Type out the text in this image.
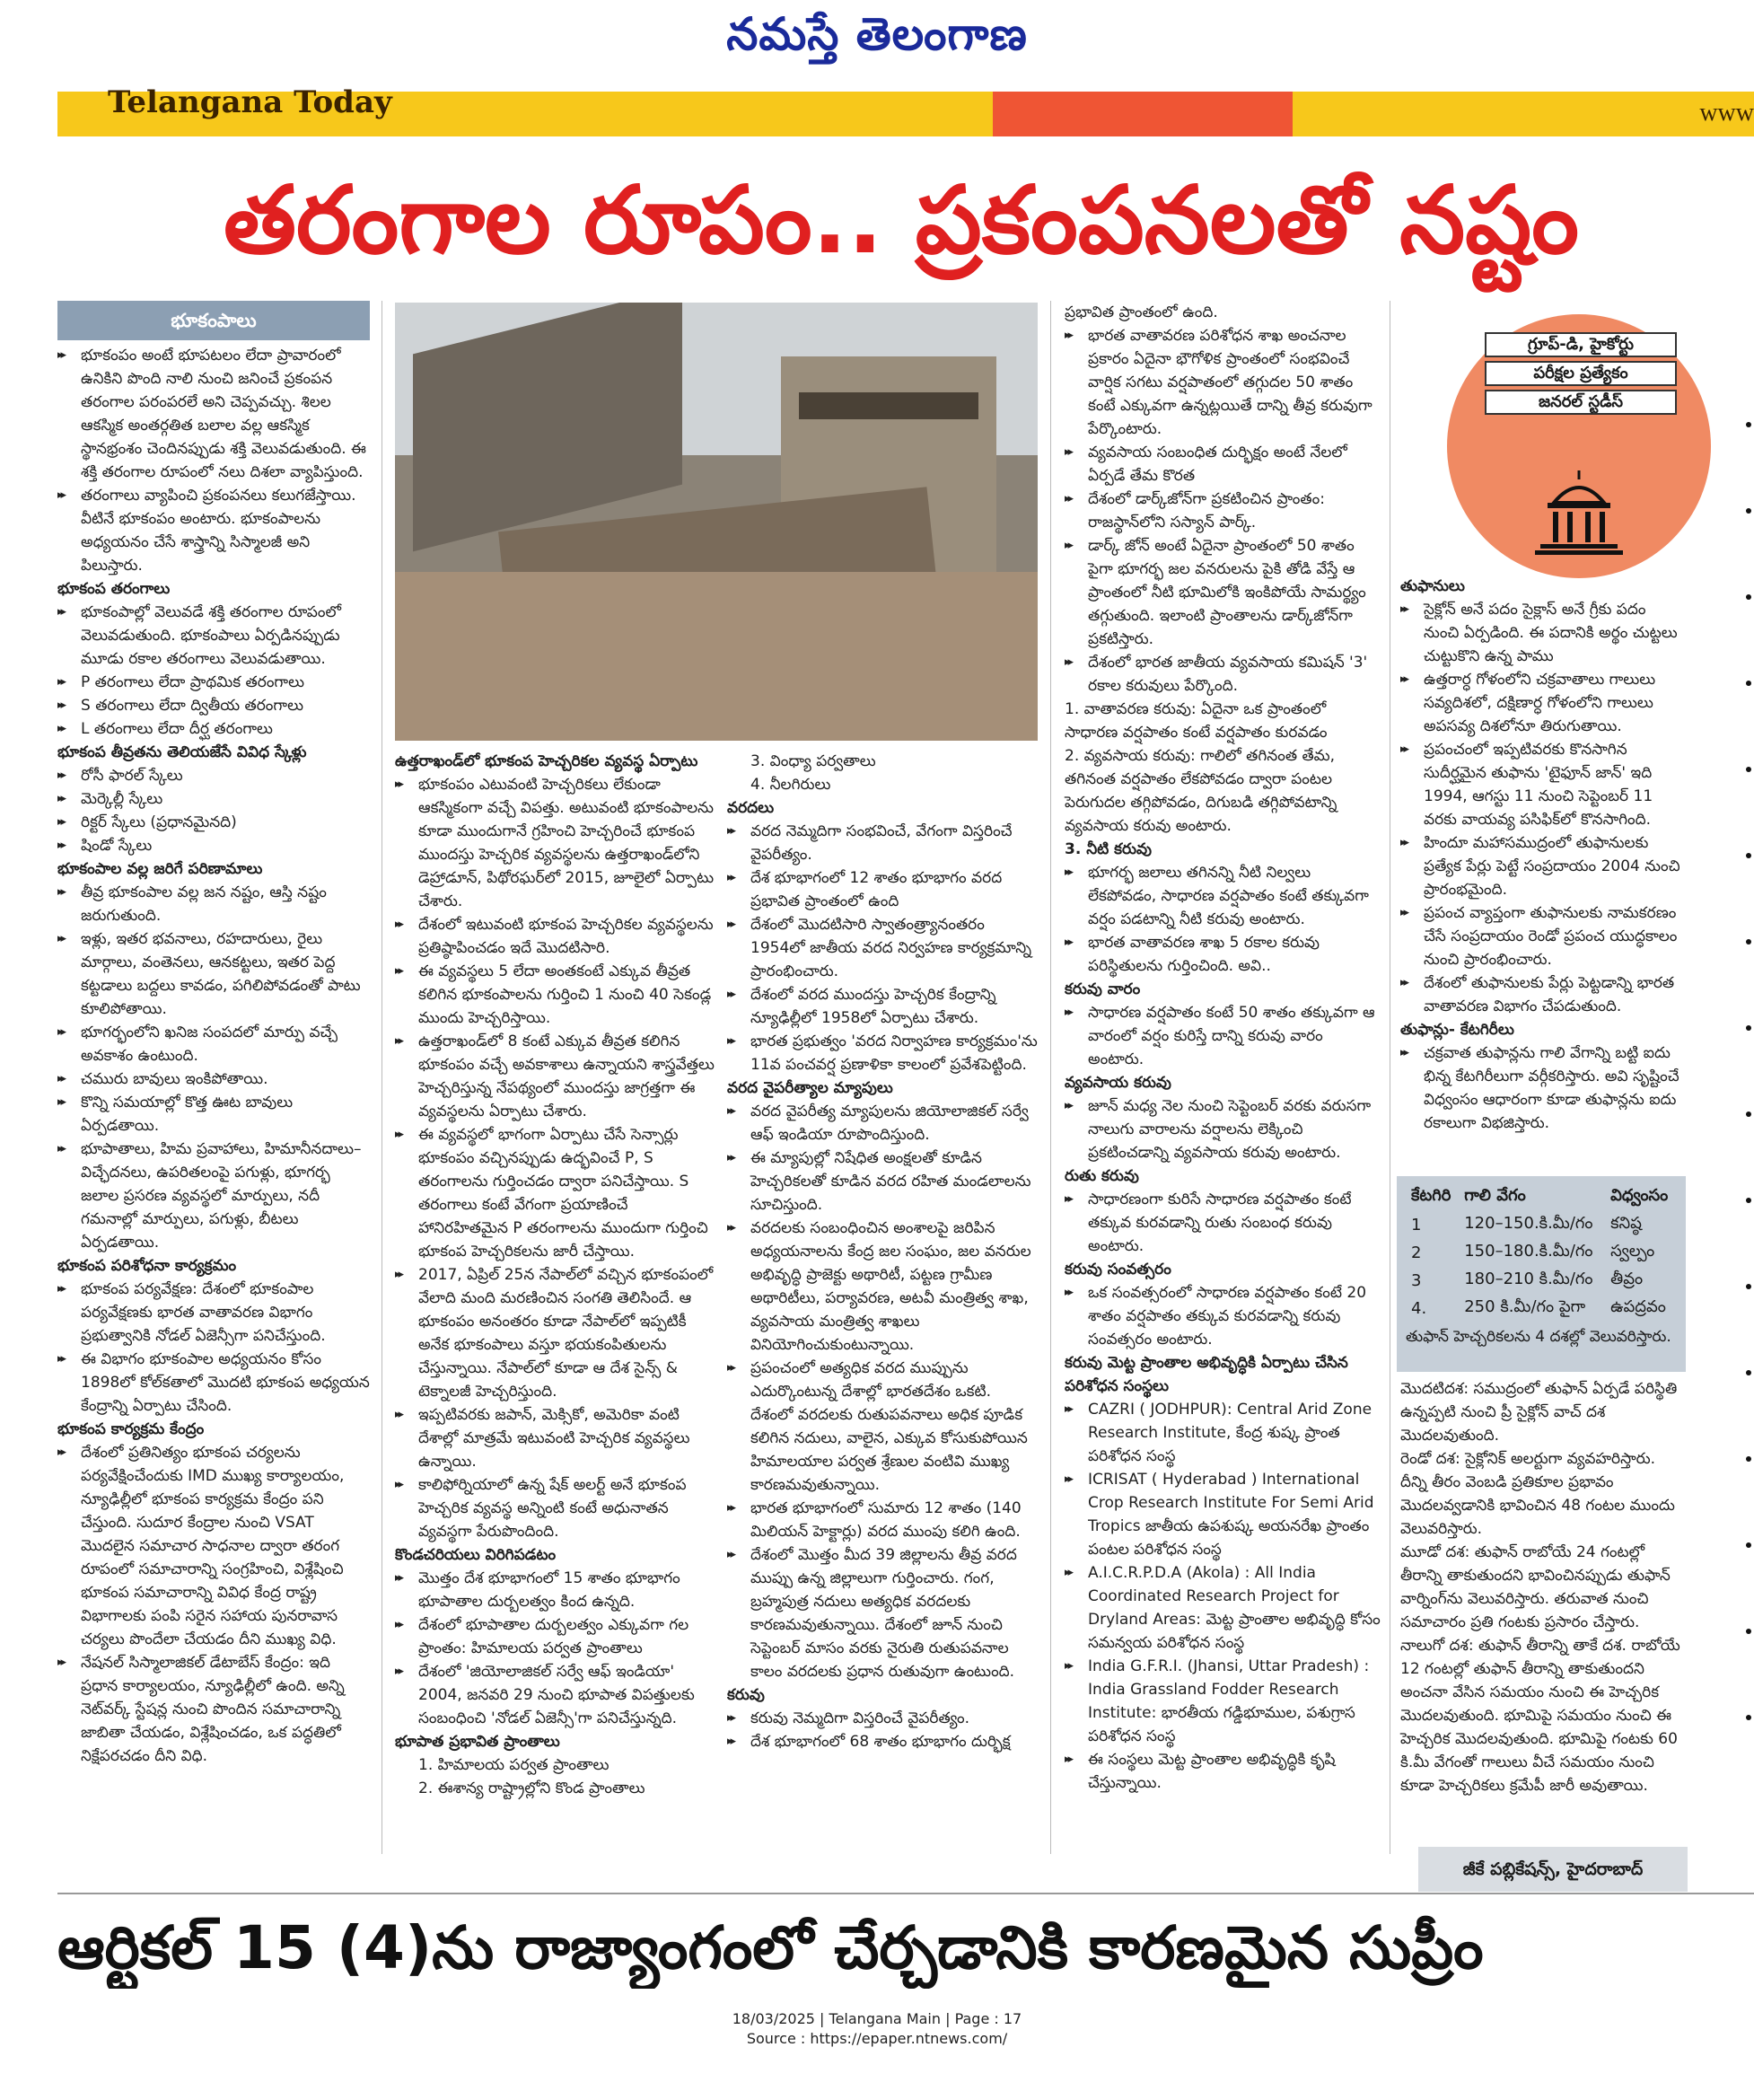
నమస్తే తెలంగాణ
Telangana Today	www
తరంగాల రూపం.. ప్రకంపనలతో నష్టం
భూకంపాలు

▸▸ భూకంపం అంటే భూపటలం లేదా ప్రావారంలో ఉనికిని పొంది నాలి నుంచి జనించే ప్రకంపన తరంగాల పరంపరలే అని చెప్పవచ్చు. శిలల ఆకస్మిక అంతర్గతిత బలాల వల్ల ఆకస్మిక స్థానభ్రంశం చెందినప్పుడు శక్తి వెలువడుతుంది. ఈ శక్తి తరంగాల రూపంలో నలు దిశలా వ్యాపిస్తుంది.

▸▸ తరంగాలు వ్యాపించి ప్రకంపనలు కలుగజేస్తాయి. వీటినే భూకంపం అంటారు. భూకంపాలను అధ్యయనం చేసే శాస్త్రాన్ని సిస్మాలజీ అని పిలుస్తారు.

భూకంప తరంగాలు

▸▸ భూకంపాల్లో వెలువడే శక్తి తరంగాల రూపంలో వెలువడుతుంది. భూకంపాలు ఏర్పడినప్పుడు మూడు రకాల తరంగాలు వెలువడుతాయి.

▸▸ P తరంగాలు లేదా ప్రాథమిక తరంగాలు

▸▸ S తరంగాలు లేదా ద్వితీయ తరంగాలు

▸▸ L తరంగాలు లేదా దీర్ఘ తరంగాలు

భూకంప తీవ్రతను తెలియజేసే వివిధ స్కేళ్లు

▸▸ రోసీ ఫారల్ స్కేలు

▸▸ మెర్కెల్లీ స్కేలు

▸▸ రిక్టర్ స్కేలు (ప్రధానమైనది)

▸▸ షిండో స్కేలు

భూకంపాల వల్ల జరిగే పరిణామాలు

▸▸ తీవ్ర భూకంపాల వల్ల జన నష్టం, ఆస్తి నష్టం జరుగుతుంది.

▸▸ ఇళ్లు, ఇతర భవనాలు, రహదారులు, రైలు మార్గాలు, వంతెనలు, ఆనకట్టలు, ఇతర పెద్ద కట్టడాలు బద్దలు కావడం, పగిలిపోవడంతో పాటు కూలిపోతాయి.

▸▸ భూగర్భంలోని ఖనిజ సంపదలో మార్పు వచ్చే అవకాశం ఉంటుంది.

▸▸ చమురు బావులు ఇంకిపోతాయి.

▸▸ కొన్ని సమయాల్లో కొత్త ఊట బావులు ఏర్పడతాయి.

▸▸ భూపాతాలు, హిమ ప్రవాహాలు, హిమానీనదాలు– విచ్ఛేదనలు, ఉపరితలంపై పగుళ్లు, భూగర్భ జలాల ప్రసరణ వ్యవస్థలో మార్పులు, నదీ గమనాల్లో మార్పులు, పగుళ్లు, బీటలు ఏర్పడతాయి.

భూకంప పరిశోధనా కార్యక్రమం

▸▸ భూకంప పర్యవేక్షణ: దేశంలో భూకంపాల పర్యవేక్షణకు భారత వాతావరణ విభాగం ప్రభుత్వానికి నోడల్ ఏజెన్సీగా పనిచేస్తుంది.

▸▸ ఈ విభాగం భూకంపాల అధ్యయనం కోసం 1898లో కోల్‌కతాలో మొదటి భూకంప అధ్యయన కేంద్రాన్ని ఏర్పాటు చేసింది.

భూకంప కార్యక్రమ కేంద్రం

▸▸ దేశంలో ప్రతినిత్యం భూకంప చర్యలను పర్యవేక్షించేందుకు IMD ముఖ్య కార్యాలయం, న్యూఢిల్లీలో భూకంప కార్యక్రమ కేంద్రం పని చేస్తుంది. సుదూర కేంద్రాల నుంచి VSAT మొదలైన సమాచార సాధనాల ద్వారా తరంగ రూపంలో సమాచారాన్ని సంగ్రహించి, విశ్లేషించి భూకంప సమాచారాన్ని వివిధ కేంద్ర రాష్ట్ర విభాగాలకు పంపి సరైన సహాయ పునరావాస చర్యలు పొందేలా చేయడం దీని ముఖ్య విధి.

▸▸ నేషనల్ సిస్మాలాజికల్ డేటాబేస్ కేంద్రం: ఇది ప్రధాన కార్యాలయం, న్యూఢిల్లీలో ఉంది. అన్ని నెట్‌వర్క్ స్టేషన్ల నుంచి పొందిన సమాచారాన్ని జాబితా చేయడం, విశ్లేషించడం, ఒక పద్ధతిలో నిక్షేపరచడం దీని విధి.

ఉత్తరాఖండ్‌లో భూకంప హెచ్చరికల వ్యవస్థ ఏర్పాటు

▸▸ భూకంపం ఎటువంటి హెచ్చరికలు లేకుండా ఆకస్మికంగా వచ్చే విపత్తు. అటువంటి భూకంపాలను కూడా ముందుగానే గ్రహించి హెచ్చరించే భూకంప ముందస్తు హెచ్చరిక వ్యవస్థలను ఉత్తరాఖండ్‌లోని డెహ్రాడూన్, పిథోరఘర్‌లో 2015, జూలైలో ఏర్పాటు చేశారు.

▸▸ దేశంలో ఇటువంటి భూకంప హెచ్చరికల వ్యవస్థలను ప్రతిష్ఠాపించడం ఇదే మొదటిసారి.

▸▸ ఈ వ్యవస్థలు 5 లేదా అంతకంటే ఎక్కువ తీవ్రత కలిగిన భూకంపాలను గుర్తించి 1 నుంచి 40 సెకండ్ల ముందు హెచ్చరిస్తాయి.

▸▸ ఉత్తరాఖండ్‌లో 8 కంటే ఎక్కువ తీవ్రత కలిగిన భూకంపం వచ్చే అవకాశాలు ఉన్నాయని శాస్త్రవేత్తలు హెచ్చరిస్తున్న నేపథ్యంలో ముందస్తు జాగ్రత్తగా ఈ వ్యవస్థలను ఏర్పాటు చేశారు.

▸▸ ఈ వ్యవస్థలో భాగంగా ఏర్పాటు చేసే సెన్సార్లు భూకంపం వచ్చినప్పుడు ఉద్భవించే P, S తరంగాలను గుర్తించడం ద్వారా పనిచేస్తాయి. S తరంగాలు కంటే వేగంగా ప్రయాణించే హానిరహితమైన P తరంగాలను ముందుగా గుర్తించి భూకంప హెచ్చరికలను జారీ చేస్తాయి.

▸▸ 2017, ఏప్రిల్ 25న నేపాల్‌లో వచ్చిన భూకంపంలో వేలాది మంది మరణించిన సంగతి తెలిసిందే. ఆ భూకంపం అనంతరం కూడా నేపాల్‌లో ఇప్పటికీ అనేక భూకంపాలు వస్తూ భయకంపితులను చేస్తున్నాయి. నేపాల్‌లో కూడా ఆ దేశ సైన్స్ & టెక్నాలజీ హెచ్చరిస్తుంది.

▸▸ ఇప్పటివరకు జపాన్, మెక్సికో, అమెరికా వంటి దేశాల్లో మాత్రమే ఇటువంటి హెచ్చరిక వ్యవస్థలు ఉన్నాయి.

▸▸ కాలిఫోర్నియాలో ఉన్న షేక్ అలర్ట్ అనే భూకంప హెచ్చరిక వ్యవస్థ అన్నింటి కంటే అధునాతన వ్యవస్థగా పేరుపొందింది.

కొండచరియలు విరిగిపడటం

▸▸ మొత్తం దేశ భూభాగంలో 15 శాతం భూభాగం భూపాతాల దుర్బలత్వం కింద ఉన్నది.

▸▸ దేశంలో భూపాతాల దుర్బలత్వం ఎక్కువగా గల ప్రాంతం: హిమాలయ పర్వత ప్రాంతాలు

▸▸ దేశంలో 'జియోలాజికల్ సర్వే ఆఫ్ ఇండియా' 2004, జనవరి 29 నుంచి భూపాత విపత్తులకు సంబంధించి 'నోడల్ ఏజెన్సీ'గా పనిచేస్తున్నది.

భూపాత ప్రభావిత ప్రాంతాలు

1. హిమాలయ పర్వత ప్రాంతాలు

2. ఈశాన్య రాష్ట్రాల్లోని కొండ ప్రాంతాలు

3. వింధ్యా పర్వతాలు

4. నీలగిరులు

వరదలు

▸▸ వరద నెమ్మదిగా సంభవించే, వేగంగా విస్తరించే వైపరీత్యం.

▸▸ దేశ భూభాగంలో 12 శాతం భూభాగం వరద ప్రభావిత ప్రాంతంలో ఉంది

▸▸ దేశంలో మొదటిసారి స్వాతంత్ర్యానంతరం 1954లో జాతీయ వరద నిర్వహణ కార్యక్రమాన్ని ప్రారంభించారు.

▸▸ దేశంలో వరద ముందస్తు హెచ్చరిక కేంద్రాన్ని న్యూఢిల్లీలో 1958లో ఏర్పాటు చేశారు.

▸▸ భారత ప్రభుత్వం 'వరద నిర్వాహణ కార్యక్రమం'ను 11వ పంచవర్ష ప్రణాళికా కాలంలో ప్రవేశపెట్టింది.

వరద వైపరీత్యాల మ్యాపులు

▸▸ వరద వైపరీత్య మ్యాపులను జియోలాజికల్ సర్వే ఆఫ్ ఇండియా రూపొందిస్తుంది.

▸▸ ఈ మ్యాపుల్లో నిషేధిత అంక్షలతో కూడిన హెచ్చరికలతో కూడిన వరద రహిత మండలాలను సూచిస్తుంది.

▸▸ వరదలకు సంబంధించిన అంశాలపై జరిపిన అధ్యయనాలను కేంద్ర జల సంఘం, జల వనరుల అభివృద్ధి ప్రాజెక్టు అథారిటీ, పట్టణ గ్రామీణ అథారిటీలు, పర్యావరణ, అటవీ మంత్రిత్వ శాఖ, వ్యవసాయ మంత్రిత్వ శాఖలు వినియోగించుకుంటున్నాయి.

▸▸ ప్రపంచంలో అత్యధిక వరద ముప్పును ఎదుర్కొంటున్న దేశాల్లో భారతదేశం ఒకటి. దేశంలో వరదలకు రుతుపవనాలు అధిక పూడిక కలిగిన నదులు, వాలైన, ఎక్కువ కోసుకుపోయిన హిమాలయాల పర్వత శ్రేణుల వంటివి ముఖ్య కారణమవుతున్నాయి.

▸▸ భారత భూభాగంలో సుమారు 12 శాతం (140 మిలియన్ హెక్టార్లు) వరద ముంపు కలిగి ఉంది.

▸▸ దేశంలో మొత్తం మీద 39 జిల్లాలను తీవ్ర వరద ముప్పు ఉన్న జిల్లాలుగా గుర్తించారు. గంగ, బ్రహ్మపుత్ర నదులు అత్యధిక వరదలకు కారణమవుతున్నాయి. దేశంలో జూన్ నుంచి సెప్టెంబర్ మాసం వరకు నైరుతి రుతుపవనాల కాలం వరదలకు ప్రధాన రుతువుగా ఉంటుంది.

కరువు

▸▸ కరువు నెమ్మదిగా విస్తరించే వైపరీత్యం.

▸▸ దేశ భూభాగంలో 68 శాతం భూభాగం దుర్భిక్ష

ప్రభావిత ప్రాంతంలో ఉంది.

▸▸ భారత వాతావరణ పరిశోధన శాఖ అంచనాల ప్రకారం ఏదైనా భౌగోళిక ప్రాంతంలో సంభవించే వార్షిక సగటు వర్షపాతంలో తగ్గుదల 50 శాతం కంటే ఎక్కువగా ఉన్నట్లయితే దాన్ని తీవ్ర కరువుగా పేర్కొంటారు.

▸▸ వ్యవసాయ సంబంధిత దుర్భిక్షం అంటే నేలలో ఏర్పడే తేమ కొరత

▸▸ దేశంలో డార్క్‌జోన్‌గా ప్రకటించిన ప్రాంతం: రాజస్థాన్‌లోని సస్యాన్ పార్క్.

▸▸ డార్క్ జోన్ అంటే ఏదైనా ప్రాంతంలో 50 శాతం పైగా భూగర్భ జల వనరులను పైకి తోడి వేస్తే ఆ ప్రాంతంలో నీటి భూమిలోకి ఇంకిపోయే సామర్థ్యం తగ్గుతుంది. ఇలాంటి ప్రాంతాలను డార్క్‌జోన్‌గా ప్రకటిస్తారు.

▸▸ దేశంలో భారత జాతీయ వ్యవసాయ కమిషన్ '3' రకాల కరువులు పేర్కొంది.

1. వాతావరణ కరువు: ఏదైనా ఒక ప్రాంతంలో సాధారణ వర్షపాతం కంటే వర్షపాతం కురవడం

2. వ్యవసాయ కరువు: గాలిలో తగినంత తేమ, తగినంత వర్షపాతం లేకపోవడం ద్వారా పంటల పెరుగుదల తగ్గిపోవడం, దిగుబడి తగ్గిపోవటాన్ని వ్యవసాయ కరువు అంటారు.

3. నీటి కరువు

▸▸ భూగర్భ జలాలు తగినన్ని నీటి నిల్వలు లేకపోవడం, సాధారణ వర్షపాతం కంటే తక్కువగా వర్షం పడటాన్ని నీటి కరువు అంటారు.

▸▸ భారత వాతావరణ శాఖ 5 రకాల కరువు పరిస్థితులను గుర్తించింది. అవి..

కరువు వారం

▸▸ సాధారణ వర్షపాతం కంటే 50 శాతం తక్కువగా ఆ వారంలో వర్షం కురిస్తే దాన్ని కరువు వారం అంటారు.

వ్యవసాయ కరువు

▸▸ జూన్ మధ్య నెల నుంచి సెప్టెంబర్ వరకు వరుసగా నాలుగు వారాలను వర్షాలను లెక్కించి ప్రకటించడాన్ని వ్యవసాయ కరువు అంటారు.

రుతు కరువు

▸▸ సాధారణంగా కురిసే సాధారణ వర్షపాతం కంటే తక్కువ కురవడాన్ని రుతు సంబంధ కరువు అంటారు.

కరువు సంవత్సరం

▸▸ ఒక సంవత్సరంలో సాధారణ వర్షపాతం కంటే 20 శాతం వర్షపాతం తక్కువ కురవడాన్ని కరువు సంవత్సరం అంటారు.

కరువు మెట్ట ప్రాంతాల అభివృద్ధికి ఏర్పాటు చేసిన పరిశోధన సంస్థలు

▸▸ CAZRI ( JODHPUR): Central Arid Zone Research Institute, కేంద్ర శుష్క ప్రాంత పరిశోధన సంస్థ

▸▸ ICRISAT ( Hyderabad ) International Crop Research Institute For Semi Arid Tropics జాతీయ ఉపశుష్క అయనరేఖ ప్రాంతం పంటల పరిశోధన సంస్థ

▸▸ A.I.C.R.P.D.A (Akola) : All India Coordinated Research Project for Dryland Areas: మెట్ట ప్రాంతాల అభివృద్ధి కోసం సమన్వయ పరిశోధన సంస్థ

▸▸ India G.F.R.I. (Jhansi, Uttar Pradesh) : India Grassland Fodder Research Institute: భారతీయ గడ్డిభూముల, పశుగ్రాస పరిశోధన సంస్థ

▸▸ ఈ సంస్థలు మెట్ట ప్రాంతాల అభివృద్ధికి కృషి చేస్తున్నాయి.

గ్రూప్-డి, హైకోర్టు
పరీక్షల ప్రత్యేకం
జనరల్ స్టడీస్

తుఫానులు

▸▸ సైక్లోన్ అనే పదం సైక్లాస్ అనే గ్రీకు పదం నుంచి ఏర్పడింది. ఈ పదానికి అర్థం చుట్టలు చుట్టుకొని ఉన్న పాము

▸▸ ఉత్తరార్ధ గోళంలోని చక్రవాతాలు గాలులు సవ్యదిశలో, దక్షిణార్ధ గోళంలోని గాలులు అపసవ్య దిశలోనూ తిరుగుతాయి.

▸▸ ప్రపంచంలో ఇప్పటివరకు కొనసాగిన సుదీర్ఘమైన తుఫాను 'టైఫూన్ జాన్' ఇది 1994, ఆగస్టు 11 నుంచి సెప్టెంబర్ 11 వరకు వాయవ్య పసిఫిక్‌లో కొనసాగింది.

▸▸ హిందూ మహాసముద్రంలో తుఫానులకు ప్రత్యేక పేర్లు పెట్టే సంప్రదాయం 2004 నుంచి ప్రారంభమైంది.

▸▸ ప్రపంచ వ్యాప్తంగా తుఫానులకు నామకరణం చేసే సంప్రదాయం రెండో ప్రపంచ యుద్ధకాలం నుంచి ప్రారంభించారు.

▸▸ దేశంలో తుఫానులకు పేర్లు పెట్టడాన్ని భారత వాతావరణ విభాగం చేపడుతుంది.

తుఫాన్లు- కేటగిరీలు

▸▸ చక్రవాత తుఫాన్లను గాలి వేగాన్ని బట్టి ఐదు భిన్న కేటగిరీలుగా వర్గీకరిస్తారు. అవి సృష్టించే విధ్వంసం ఆధారంగా కూడా తుఫాన్లను ఐదు రకాలుగా విభజిస్తారు.

కేటగిరి	గాలి వేగం	విధ్వంసం
1	120–150.కి.మీ/గం	కనిష్ఠ
2	150–180.కి.మీ/గం	స్వల్పం
3	180–210 కి.మీ/గం	తీవ్రం
4.	250 కి.మీ/గం పైగా	ఉపద్రవం
తుఫాన్ హెచ్చరికలను 4 దశల్లో వెలువరిస్తారు.

మొదటిదశ: సముద్రంలో తుఫాన్ ఏర్పడే పరిస్థితి ఉన్నప్పటి నుంచి ప్రీ సైక్లోన్ వాచ్ దశ మొదలవుతుంది.

రెండో దశ: సైక్లోనిక్ అలర్టుగా వ్యవహరిస్తారు. దీన్ని తీరం వెంబడి ప్రతికూల ప్రభావం మొదలవ్వడానికి భావించిన 48 గంటల ముందు వెలువరిస్తారు.

మూడో దశ: తుఫాన్ రాబోయే 24 గంటల్లో తీరాన్ని తాకుతుందని భావించినప్పుడు తుఫాన్ వార్నింగ్‌ను వెలువరిస్తారు. తరువాత నుంచి సమాచారం ప్రతి గంటకు ప్రసారం చేస్తారు.

నాలుగో దశ: తుఫాన్ తీరాన్ని తాకే దశ. రాబోయే 12 గంటల్లో తుఫాన్ తీరాన్ని తాకుతుందని అంచనా వేసిన సమయం నుంచి ఈ హెచ్చరిక మొదలవుతుంది. భూమిపై సమయం నుంచి ఈ హెచ్చరిక మొదలవుతుంది. భూమిపై గంటకు 60 కి.మీ వేగంతో గాలులు వీచే సమయం నుంచి కూడా హెచ్చరికలు క్రమేపీ జారీ అవుతాయి.

జీకే పబ్లికేషన్స్, హైదరాబాద్
ఆర్టికల్ 15 (4)ను రాజ్యాంగంలో చేర్చడానికి కారణమైన సుప్రీం
18/03/2025 | Telangana Main | Page : 17
Source : https://epaper.ntnews.com/
